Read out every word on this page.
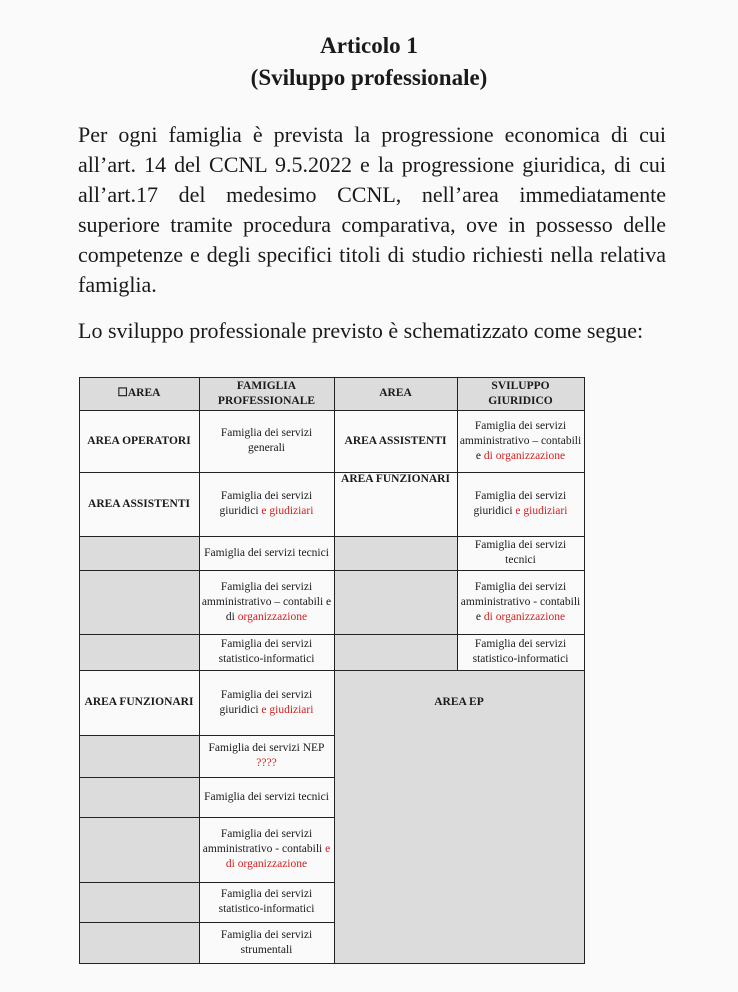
Articolo 1
(Sviluppo professionale)

Per ogni famiglia è prevista la progressione economica di cui all’art. 14 del CCNL 9.5.2022 e la progressione giuridica, di cui all’art.17 del medesimo CCNL, nell’area immediatamente superiore tramite procedura comparativa, ove in possesso delle competenze e degli specifici titoli di studio richiesti nella relativa famiglia.

Lo sviluppo professionale previsto è schematizzato come segue:

☐AREA
FAMIGLIA PROFESSIONALE
AREA
SVILUPPO GIURIDICO
AREA OPERATORI
Famiglia dei servizi generali
AREA ASSISTENTI
Famiglia dei servizi amministrativo – contabili e di organizzazione
AREA ASSISTENTI
Famiglia dei servizi giuridici e giudiziari
AREA FUNZIONARI
Famiglia dei servizi giuridici e giudiziari
Famiglia dei servizi tecnici
Famiglia dei servizi tecnici
Famiglia dei servizi amministrativo – contabili e di organizzazione
Famiglia dei servizi amministrativo - contabili e di organizzazione
Famiglia dei servizi statistico-informatici
Famiglia dei servizi statistico-informatici
AREA FUNZIONARI
Famiglia dei servizi giuridici e giudiziari
Famiglia dei servizi NEP ????
Famiglia dei servizi tecnici
Famiglia dei servizi amministrativo - contabili e di organizzazione
Famiglia dei servizi statistico-informatici
Famiglia dei servizi strumentali
AREA EP
